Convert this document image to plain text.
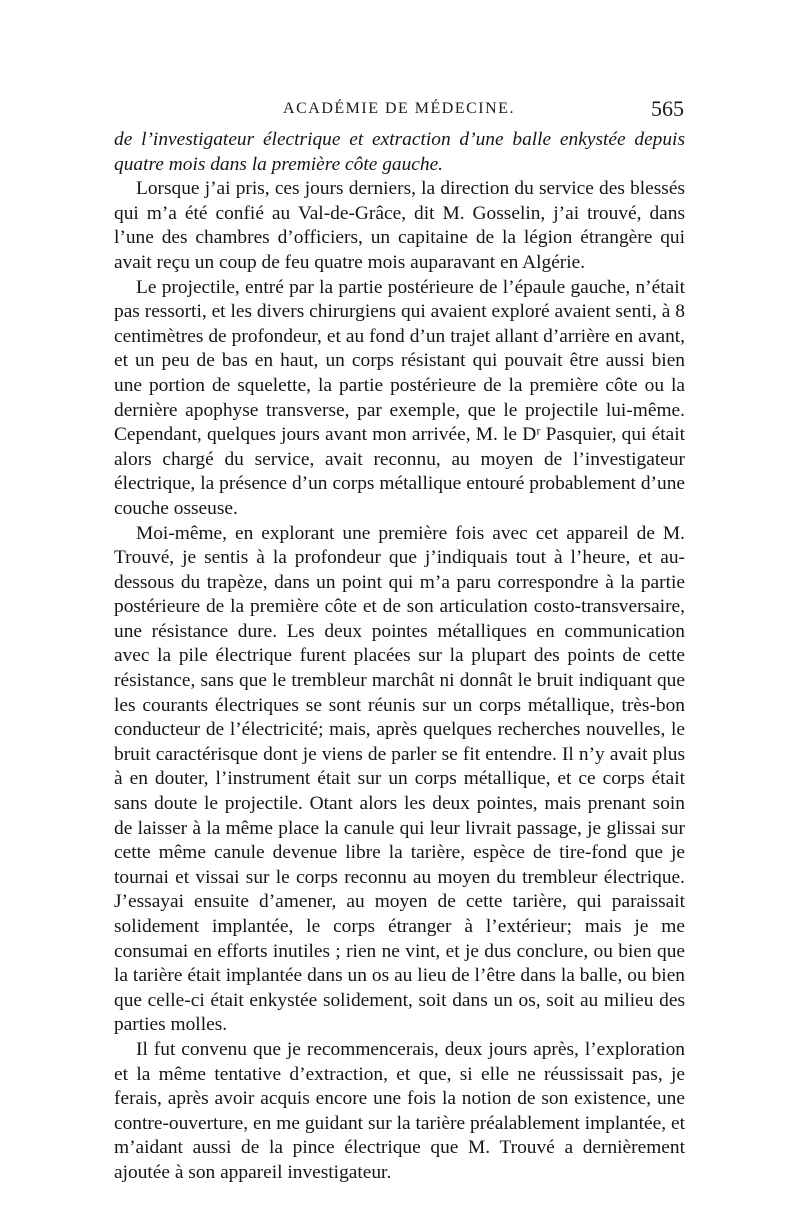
ACADÉMIE DE MÉDECINE.	565

de l’investigateur électrique et extraction d’une balle enkystée depuis quatre mois dans la première côte gauche.

Lorsque j’ai pris, ces jours derniers, la direction du service des blessés qui m’a été confié au Val-de-Grâce, dit M. Gosselin, j’ai trouvé, dans l’une des chambres d’officiers, un capitaine de la légion étrangère qui avait reçu un coup de feu quatre mois auparavant en Algérie.

Le projectile, entré par la partie postérieure de l’épaule gauche, n’était pas ressorti, et les divers chirurgiens qui avaient exploré avaient senti, à 8 centimètres de profondeur, et au fond d’un trajet allant d’arrière en avant, et un peu de bas en haut, un corps résistant qui pouvait être aussi bien une portion de squelette, la partie postérieure de la première côte ou la dernière apophyse transverse, par exemple, que le projectile lui-même. Cependant, quelques jours avant mon arrivée, M. le Dʳ Pasquier, qui était alors chargé du service, avait reconnu, au moyen de l’investigateur électrique, la présence d’un corps métallique entouré probablement d’une couche osseuse.

Moi-même, en explorant une première fois avec cet appareil de M. Trouvé, je sentis à la profondeur que j’indiquais tout à l’heure, et au-dessous du trapèze, dans un point qui m’a paru correspondre à la partie postérieure de la première côte et de son articulation costo-transversaire, une résistance dure. Les deux pointes métalliques en communication avec la pile électrique furent placées sur la plupart des points de cette résistance, sans que le trembleur marchât ni donnât le bruit indiquant que les courants électriques se sont réunis sur un corps métallique, très-bon conducteur de l’électricité; mais, après quelques recherches nouvelles, le bruit caractérisque dont je viens de parler se fit entendre. Il n’y avait plus à en douter, l’instrument était sur un corps métallique, et ce corps était sans doute le projectile. Otant alors les deux pointes, mais prenant soin de laisser à la même place la canule qui leur livrait passage, je glissai sur cette même canule devenue libre la tarière, espèce de tire-fond que je tournai et vissai sur le corps reconnu au moyen du trembleur électrique. J’essayai ensuite d’amener, au moyen de cette tarière, qui paraissait solidement implantée, le corps étranger à l’extérieur; mais je me consumai en efforts inutiles ; rien ne vint, et je dus conclure, ou bien que la tarière était implantée dans un os au lieu de l’être dans la balle, ou bien que celle-ci était enkystée solidement, soit dans un os, soit au milieu des parties molles.

Il fut convenu que je recommencerais, deux jours après, l’exploration et la même tentative d’extraction, et que, si elle ne réussissait pas, je ferais, après avoir acquis encore une fois la notion de son existence, une contre-ouverture, en me guidant sur la tarière préalablement implantée, et m’aidant aussi de la pince électrique que M. Trouvé a dernièrement ajoutée à son appareil investigateur.
